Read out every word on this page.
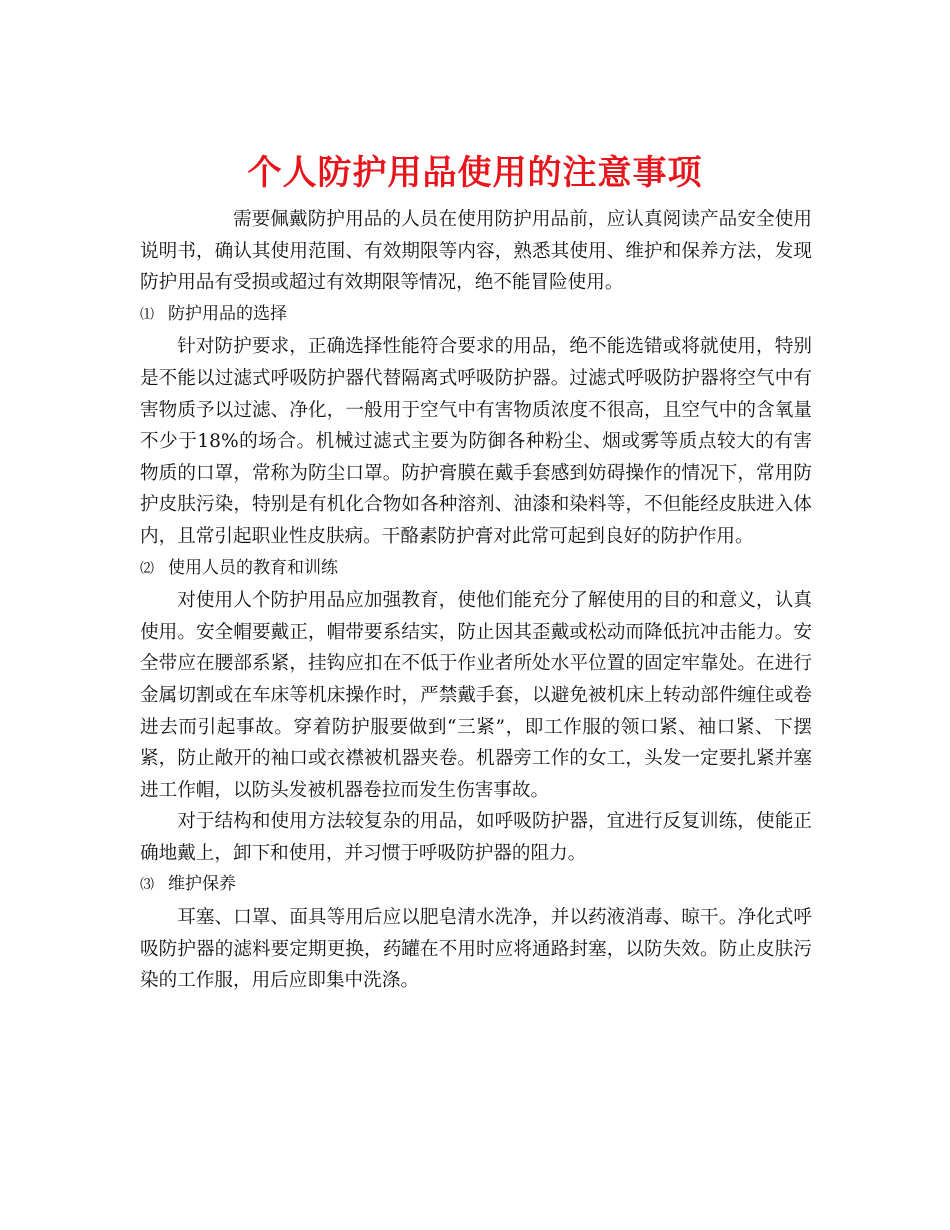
个人防护用品使用的注意事项

需要佩戴防护用品的人员在使用防护用品前，应认真阅读产品安全使用说明书，确认其使用范围、有效期限等内容，熟悉其使用、维护和保养方法，发现防护用品有受损或超过有效期限等情况，绝不能冒险使用。

⑴ 防护用品的选择

针对防护要求，正确选择性能符合要求的用品，绝不能选错或将就使用，特别是不能以过滤式呼吸防护器代替隔离式呼吸防护器。过滤式呼吸防护器将空气中有害物质予以过滤、净化，一般用于空气中有害物质浓度不很高，且空气中的含氧量不少于18%的场合。机械过滤式主要为防御各种粉尘、烟或雾等质点较大的有害物质的口罩，常称为防尘口罩。防护膏膜在戴手套感到妨碍操作的情况下，常用防护皮肤污染，特别是有机化合物如各种溶剂、油漆和染料等，不但能经皮肤进入体内，且常引起职业性皮肤病。干酪素防护膏对此常可起到良好的防护作用。

⑵ 使用人员的教育和训练

对使用人个防护用品应加强教育，使他们能充分了解使用的目的和意义，认真使用。安全帽要戴正，帽带要系结实，防止因其歪戴或松动而降低抗冲击能力。安全带应在腰部系紧，挂钩应扣在不低于作业者所处水平位置的固定牢靠处。在进行金属切割或在车床等机床操作时，严禁戴手套，以避免被机床上转动部件缠住或卷进去而引起事故。穿着防护服要做到“三紧”，即工作服的领口紧、袖口紧、下摆紧，防止敞开的袖口或衣襟被机器夹卷。机器旁工作的女工，头发一定要扎紧并塞进工作帽，以防头发被机器卷拉而发生伤害事故。

对于结构和使用方法较复杂的用品，如呼吸防护器，宜进行反复训练，使能正确地戴上，卸下和使用，并习惯于呼吸防护器的阻力。

⑶ 维护保养

耳塞、口罩、面具等用后应以肥皂清水洗净，并以药液消毒、晾干。净化式呼吸防护器的滤料要定期更换，药罐在不用时应将通路封塞，以防失效。防止皮肤污染的工作服，用后应即集中洗涤。
